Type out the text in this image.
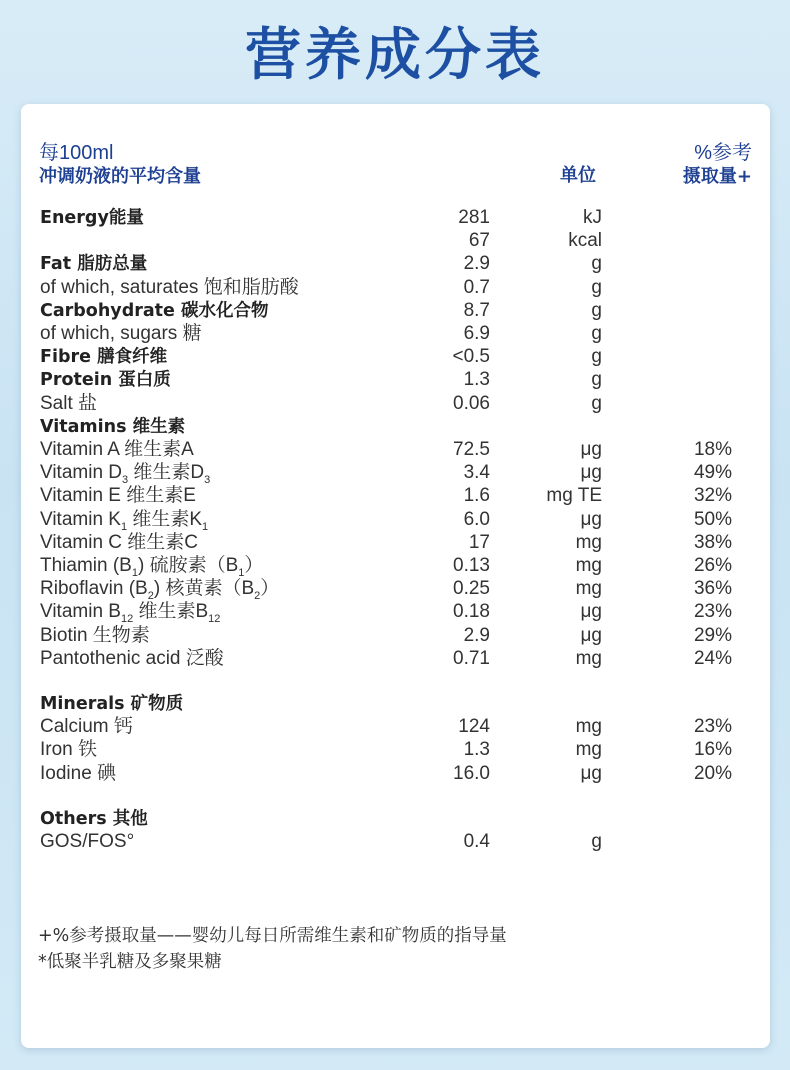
营养成分表
每100ml
冲调奶液的平均含量	单位
%参考
摄取量+
Energy能量	281	kJ
67	kcal
Fat 脂肪总量	2.9	g
of which, saturates 饱和脂肪酸	0.7	g
Carbohydrate 碳水化合物	8.7	g
of which, sugars 糖	6.9	g
Fibre 膳食纤维	<0.5	g
Protein 蛋白质	1.3	g
Salt 盐	0.06	g
Vitamins 维生素
Vitamin A 维生素A	72.5	μg	18%
Vitamin $D_3$ 维生素$D_3$	3.4	μg	49%
Vitamin E 维生素E	1.6	mg TE	32%
Vitamin $K_1$ 维生素$K_1$	6.0	μg	50%
Vitamin C 维生素C	17	mg	38%
Thiamin $(B_1)$ 硫胺素$(B_1)$	0.13	mg	26%
Riboflavin $(B_2)$ 核黄素$(B_2)$	0.25	mg	36%
Vitamin $B_{12}$ 维生素$B_{12}$	0.18	μg	23%
Biotin 生物素	2.9	μg	29%
Pantothenic acid 泛酸	0.71	mg	24%
Minerals 矿物质
Calcium 钙	124	mg	23%
Iron 铁	1.3	mg	16%
Iodine 碘	16.0	μg	20%
Others 其他
GOS/FOS°	0.4	g
+%参考摄取量——婴幼儿每日所需维生素和矿物质的指导量
*低聚半乳糖及多聚果糖
